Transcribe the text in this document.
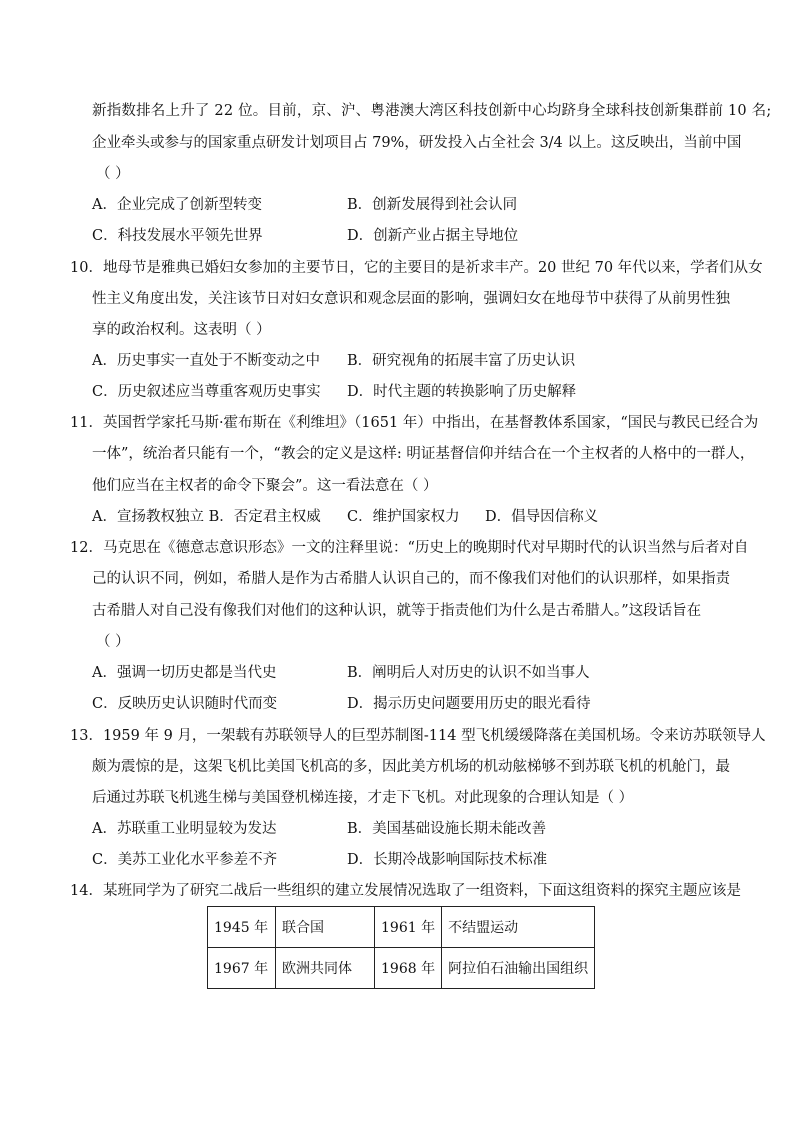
新指数排名上升了 22 位。目前，京、沪、粤港澳大湾区科技创新中心均跻身全球科技创新集群前 10 名;
企业牵头或参与的国家重点研发计划项目占 79%，研发投入占全社会 3/4 以上。这反映出，当前中国
（ ）
A．企业完成了创新型转变	B．创新发展得到社会认同
C．科技发展水平领先世界	D．创新产业占据主导地位
10．地母节是雅典已婚妇女参加的主要节日，它的主要目的是祈求丰产。20 世纪 70 年代以来，学者们从女
性主义角度出发，关注该节日对妇女意识和观念层面的影响，强调妇女在地母节中获得了从前男性独
享的政治权利。这表明（ ）
A．历史事实一直处于不断变动之中 B．研究视角的拓展丰富了历史认识
C．历史叙述应当尊重客观历史事实 D．时代主题的转换影响了历史解释
11．英国哲学家托马斯·霍布斯在《利维坦》（1651 年）中指出，在基督教体系国家，“国民与教民已经合为
一体”，统治者只能有一个，“教会的定义是这样: 明证基督信仰并结合在一个主权者的人格中的一群人，
他们应当在主权者的命令下聚会”。这一看法意在（ ）
A．宣扬教权独立 B．否定君主权威 C．维护国家权力 D．倡导因信称义
12．马克思在《德意志意识形态》一文的注释里说：“历史上的晚期时代对早期时代的认识当然与后者对自
己的认识不同，例如，希腊人是作为古希腊人认识自己的，而不像我们对他们的认识那样，如果指责
古希腊人对自己没有像我们对他们的这种认识，就等于指责他们为什么是古希腊人。”这段话旨在
（ ）
A．强调一切历史都是当代史	B．阐明后人对历史的认识不如当事人
C．反映历史认识随时代而变	D．揭示历史问题要用历史的眼光看待
13．1959 年 9 月，一架载有苏联领导人的巨型苏制图-114 型飞机缓缓降落在美国机场。令来访苏联领导人
颇为震惊的是，这架飞机比美国飞机高的多，因此美方机场的机动舷梯够不到苏联飞机的机舱门，最
后通过苏联飞机逃生梯与美国登机梯连接，才走下飞机。对此现象的合理认知是（ ）
A．苏联重工业明显较为发达	B．美国基础设施长期未能改善
C．美苏工业化水平参差不齐	D．长期冷战影响国际技术标准
14．某班同学为了研究二战后一些组织的建立发展情况选取了一组资料，下面这组资料的探究主题应该是
1945 年	联合国	1961 年	不结盟运动
1967 年	欧洲共同体	1968 年	阿拉伯石油输出国组织
